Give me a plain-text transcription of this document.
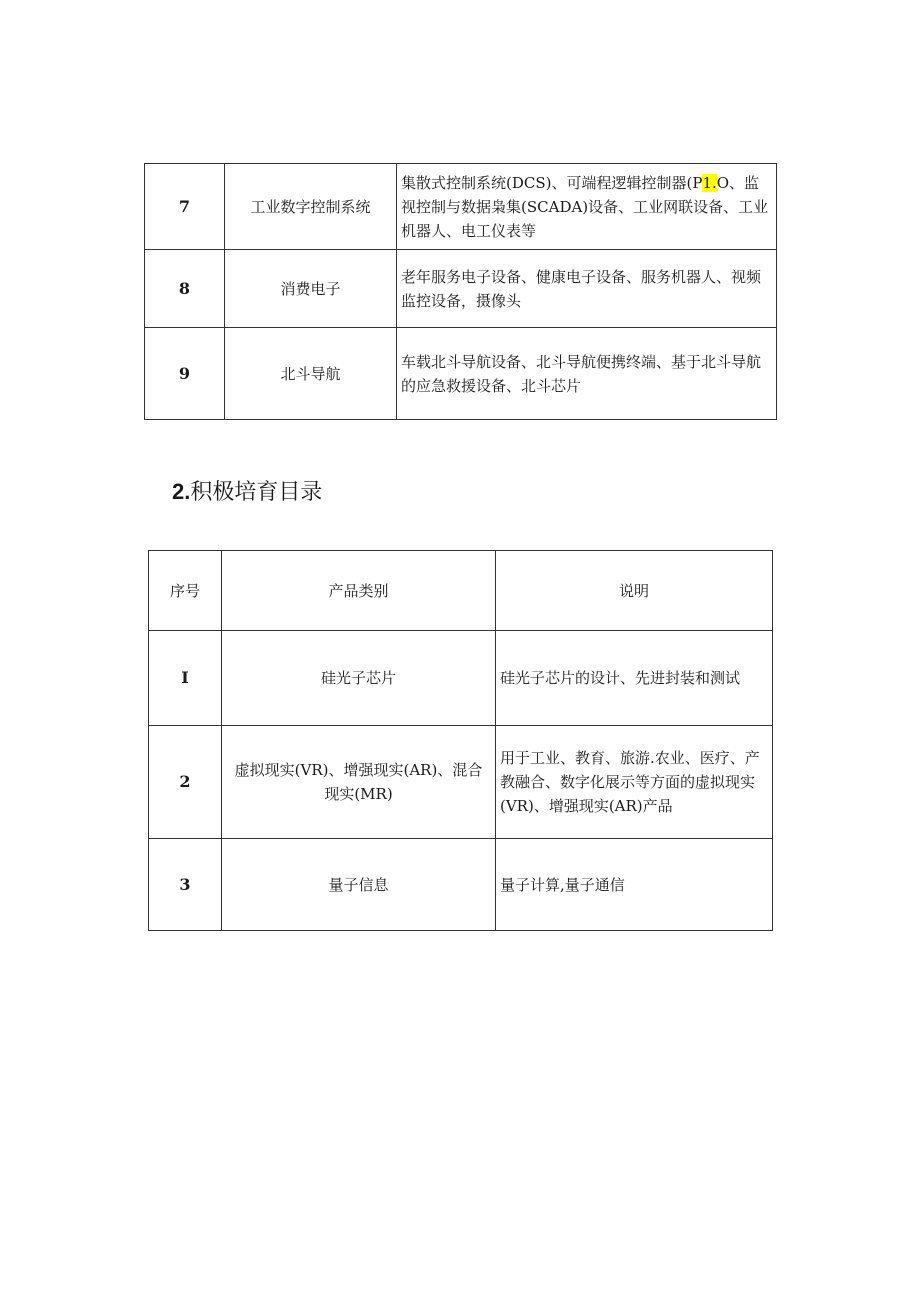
7	工业数字控制系统	集散式控制系统(DCS)、可端程逻辑控制器(P1.O、监视控制与数据枭集(SCADA)设备、工业网联设备、工业机器人、电工仪表等
8	消费电子	老年服务电子设备、健康电子设备、服务机器人、视频监控设备，摄像头
9	北斗导航	车载北斗导航设备、北斗导航便携终端、基于北斗导航的应急救援设备、北斗芯片
2.积极培育目录
序号	产品类别	说明
I	硅光子芯片	硅光子芯片的设计、先进封装和测试
2	虚拟现实(VR)、增强现实(AR)、混合现实(MR)	用于工业、教育、旅游.农业、医疗、产教融合、数字化展示等方面的虚拟现实(VR)、增强现实(AR)产品
3	量子信息	量子计算,量子通信
